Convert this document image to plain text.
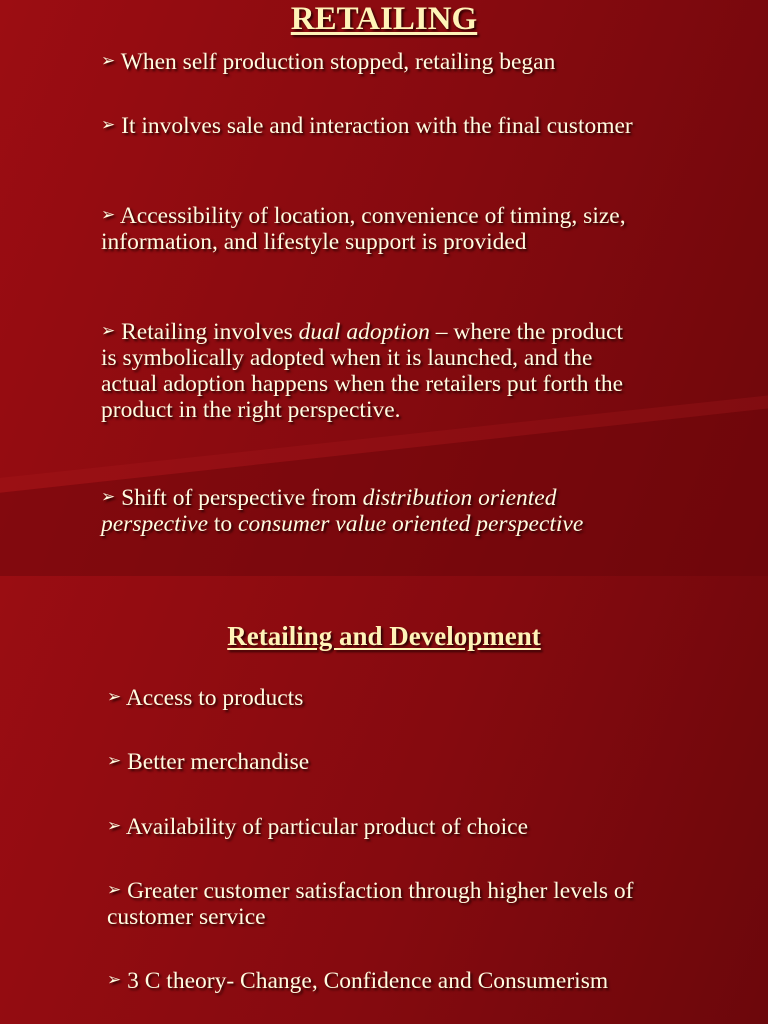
RETAILING
➢ When self production stopped, retailing began
➢ It involves sale and interaction with the final customer
➢ Accessibility of location, convenience of timing, size, information, and lifestyle support is provided
➢ Retailing involves dual adoption – where the product is symbolically adopted when it is launched, and the actual adoption happens when the retailers put forth the product in the right perspective.
➢ Shift of perspective from distribution oriented perspective to consumer value oriented perspective
Retailing and Development
➢ Access to products
➢ Better merchandise
➢ Availability of particular product of choice
➢ Greater customer satisfaction through higher levels of customer service
➢ 3 C theory- Change, Confidence and Consumerism
